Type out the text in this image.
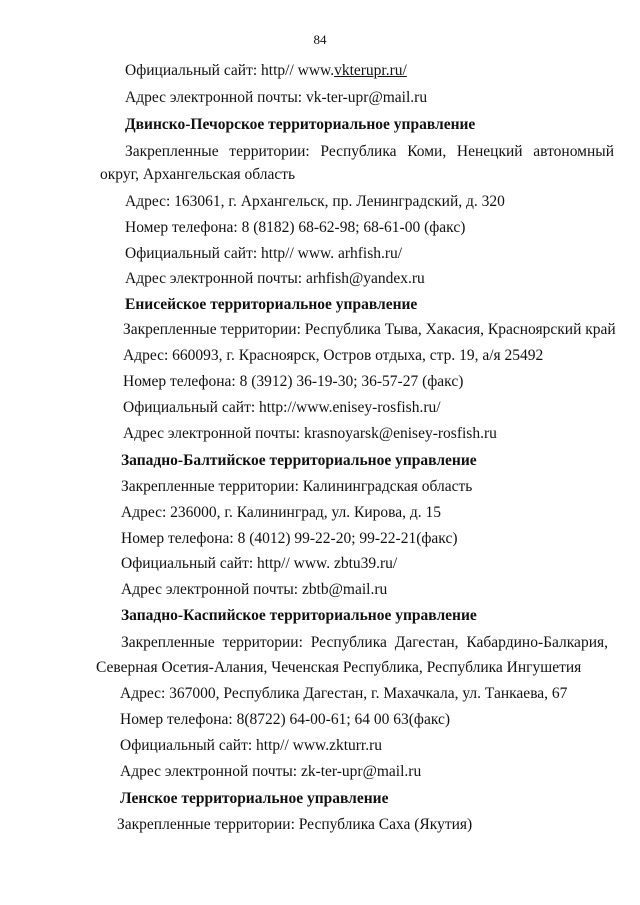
84
Официальный сайт: http// www.vkterupr.ru/
Адрес электронной почты: vk-ter-upr@mail.ru
Двинско-Печорское территориальное управление
Закрепленные территории: Республика Коми, Ненецкий автономный
округ, Архангельская область
Адрес: 163061, г. Архангельск, пр. Ленинградский, д. 320
Номер телефона: 8 (8182) 68-62-98; 68-61-00 (факс)
Официальный сайт: http// www. arhfish.ru/
Адрес электронной почты: arhfish@yandex.ru
Енисейское территориальное управление
Закрепленные территории: Республика Тыва, Хакасия, Красноярский край
Адрес: 660093, г. Красноярск, Остров отдыха, стр. 19, а/я 25492
Номер телефона: 8 (3912) 36-19-30; 36-57-27 (факс)
Официальный сайт: http://www.enisey-rosfish.ru/
Адрес электронной почты: krasnoyarsk@enisey-rosfish.ru
Западно-Балтийское территориальное управление
Закрепленные территории: Калининградская область
Адрес: 236000, г. Калининград, ул. Кирова, д. 15
Номер телефона: 8 (4012) 99-22-20; 99-22-21(факс)
Официальный сайт: http// www. zbtu39.ru/
Адрес электронной почты: zbtb@mail.ru
Западно-Каспийское территориальное управление
Закрепленные территории: Республика Дагестан, Кабардино-Балкария,
Северная Осетия-Алания, Чеченская Республика, Республика Ингушетия
Адрес: 367000, Республика Дагестан, г. Махачкала, ул. Танкаева, 67
Номер телефона: 8(8722) 64-00-61; 64 00 63(факс)
Официальный сайт: http// www.zkturr.ru
Адрес электронной почты: zk-ter-upr@mail.ru
Ленское территориальное управление
Закрепленные территории: Республика Саха (Якутия)
